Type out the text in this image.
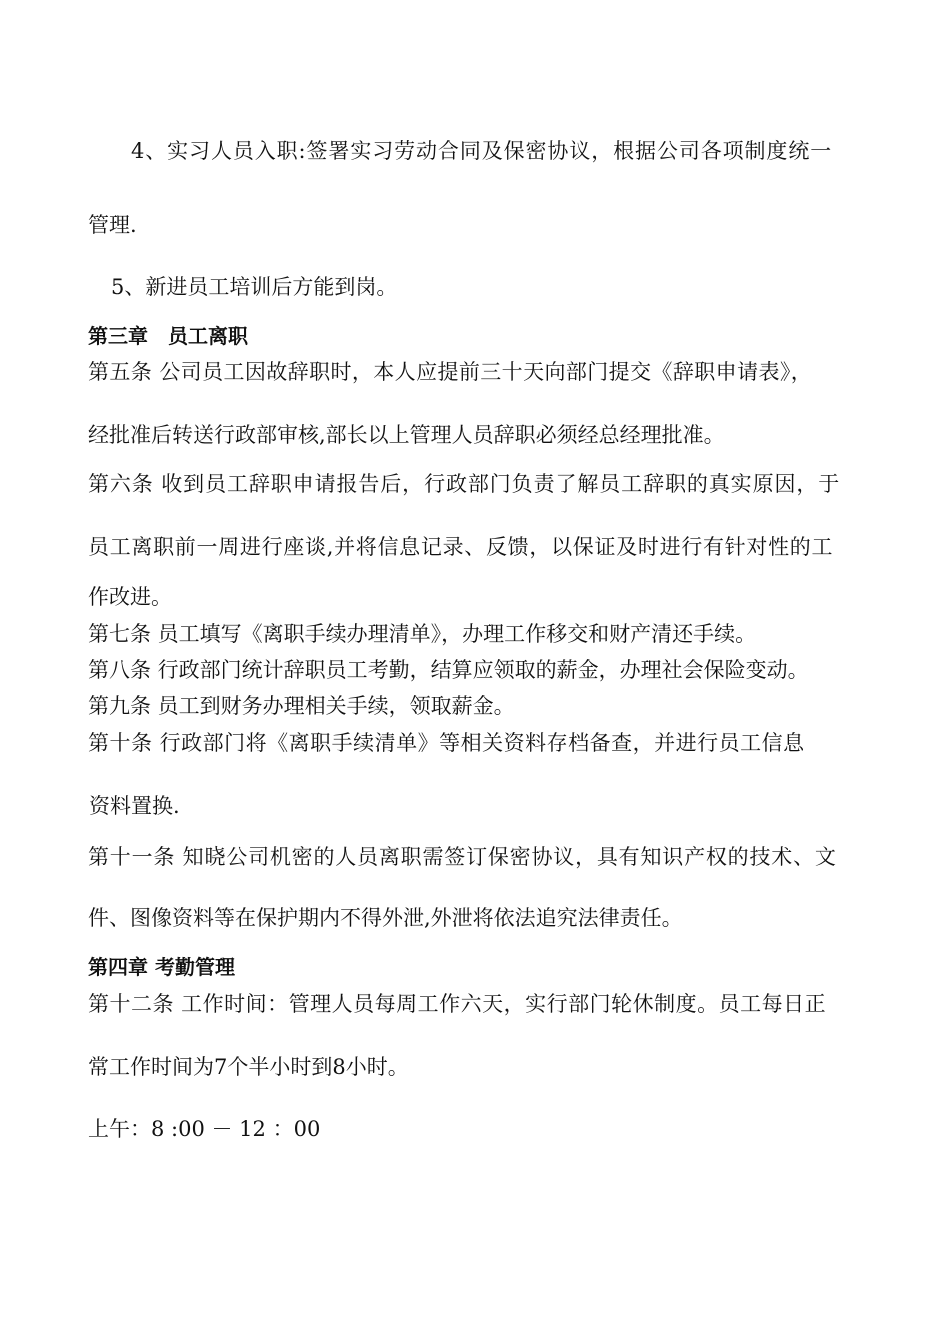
4、实习人员入职:签署实习劳动合同及保密协议，根据公司各项制度统一
管理.
5、新进员工培训后方能到岗。
第三章　员工离职
第五条 公司员工因故辞职时，本人应提前三十天向部门提交《辞职申请表》，
经批准后转送行政部审核,部长以上管理人员辞职必须经总经理批准。
第六条 收到员工辞职申请报告后，行政部门负责了解员工辞职的真实原因，于
员工离职前一周进行座谈,并将信息记录、反馈，以保证及时进行有针对性的工
作改进。
第七条 员工填写《离职手续办理清单》，办理工作移交和财产清还手续。
第八条 行政部门统计辞职员工考勤，结算应领取的薪金，办理社会保险变动。
第九条 员工到财务办理相关手续，领取薪金。
第十条 行政部门将《离职手续清单》等相关资料存档备查，并进行员工信息
资料置换.
第十一条 知晓公司机密的人员离职需签订保密协议，具有知识产权的技术、文
件、图像资料等在保护期内不得外泄,外泄将依法追究法律责任。
第四章 考勤管理
第十二条 工作时间：管理人员每周工作六天，实行部门轮休制度。员工每日正
常工作时间为7个半小时到8小时。
上午：8 :00 － 12 ：00
